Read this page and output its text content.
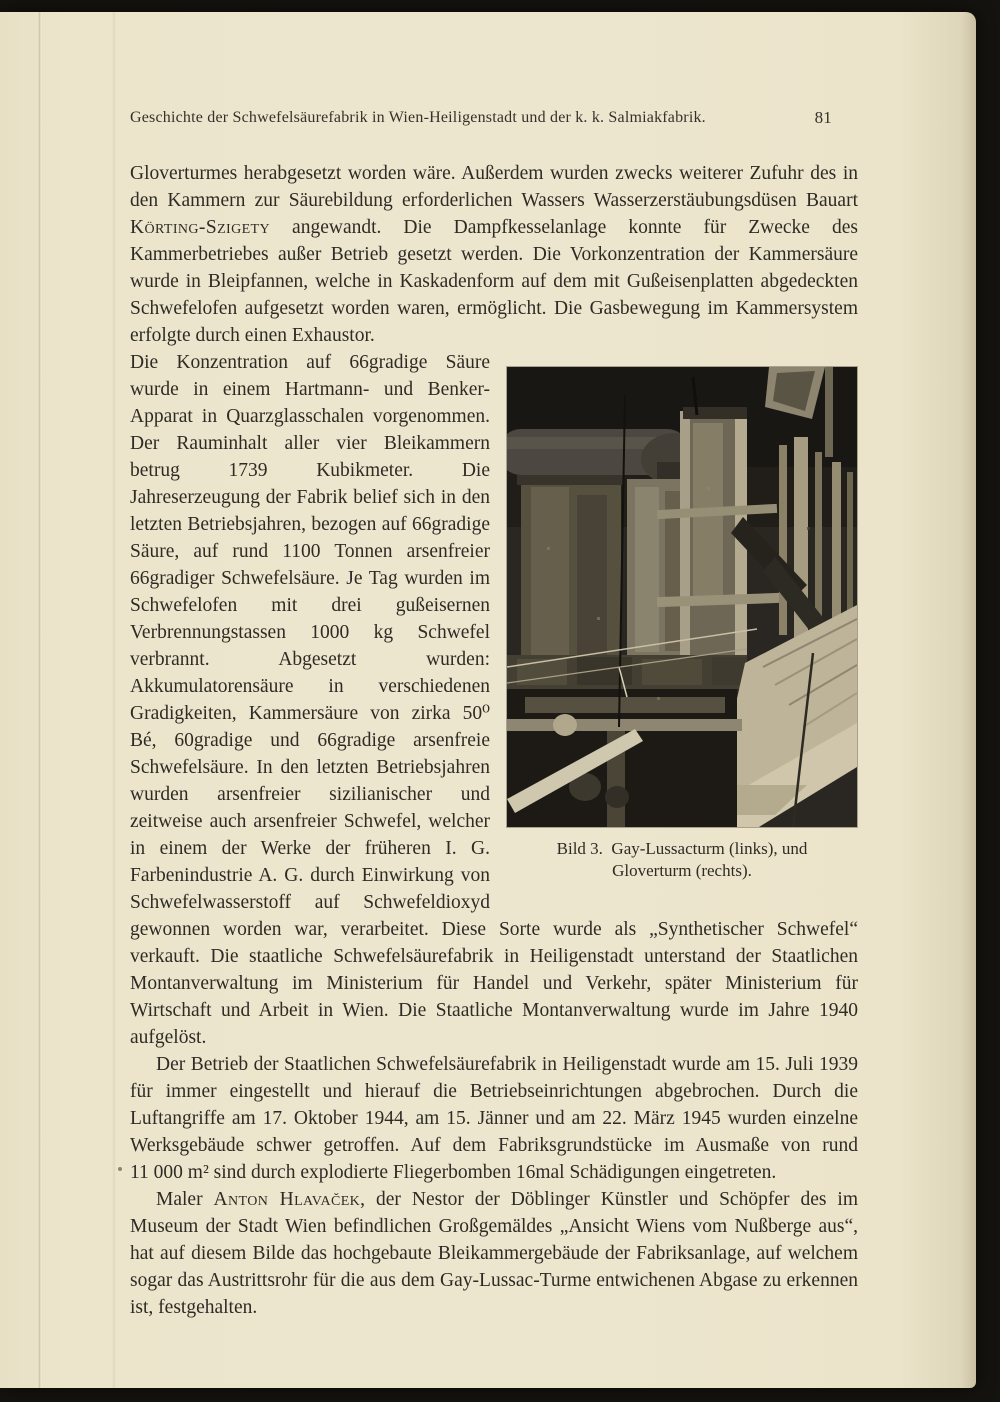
Geschichte der Schwefelsäurefabrik in Wien-Heiligenstadt und der k. k. Salmiakfabrik.	81

Gloverturmes herabgesetzt worden wäre. Außerdem wurden zwecks weiterer Zufuhr des in den Kammern zur Säurebildung erforderlichen Wassers Wasserzerstäubungsdüsen Bauart Körting-Szigety angewandt. Die Dampfkesselanlage konnte für Zwecke des Kammerbetriebes außer Betrieb gesetzt werden. Die Vorkonzentration der Kammersäure wurde in Bleipfannen, welche in Kaskadenform auf dem mit Gußeisenplatten abgedeckten Schwefelofen aufgesetzt worden waren, ermöglicht. Die Gasbewegung im Kammersystem erfolgte durch einen Exhaustor.

Bild 3.  Gay-Lussacturm (links), und
Gloverturm (rechts).
Die Konzentration auf 66gradige Säure wurde in einem Hartmann- und Benker-Apparat in Quarzglasschalen vorgenommen. Der Rauminhalt aller vier Bleikammern betrug 1739 Kubikmeter. Die Jahreserzeugung der Fabrik belief sich in den letzten Betriebsjahren, bezogen auf 66gradige Säure, auf rund 1100 Tonnen arsenfreier 66gradiger Schwefelsäure. Je Tag wurden im Schwefelofen mit drei gußeisernen Verbrennungstassen 1000 kg Schwefel verbrannt. Abgesetzt wurden: Akkumulatorensäure in verschiedenen Gradigkeiten, Kammersäure von zirka 50⁰ Bé, 60gradige und 66gradige arsenfreie Schwefelsäure. In den letzten Betriebsjahren wurden arsenfreier sizilianischer und zeitweise auch arsenfreier Schwefel, welcher in einem der Werke der früheren I. G. Farbenindustrie A. G. durch Einwirkung von Schwefelwasserstoff auf Schwefeldioxyd gewonnen worden war, verarbeitet. Diese Sorte wurde als „Synthetischer Schwefel“ verkauft. Die staatliche Schwefelsäurefabrik in Heiligenstadt unterstand der Staatlichen Montanverwaltung im Ministerium für Handel und Verkehr, später Ministerium für Wirtschaft und Arbeit in Wien. Die Staatliche Montanverwaltung wurde im Jahre 1940 aufgelöst.

Der Betrieb der Staatlichen Schwefelsäurefabrik in Heiligenstadt wurde am 15. Juli 1939 für immer eingestellt und hierauf die Betriebseinrichtungen abgebrochen. Durch die Luftangriffe am 17. Oktober 1944, am 15. Jänner und am 22. März 1945 wurden einzelne Werksgebäude schwer getroffen. Auf dem Fabriksgrundstücke im Ausmaße von rund 11 000 m² sind durch explodierte Fliegerbomben 16mal Schädigungen eingetreten.

Maler Anton Hlavaček, der Nestor der Döblinger Künstler und Schöpfer des im Museum der Stadt Wien befindlichen Großgemäldes „Ansicht Wiens vom Nußberge aus“, hat auf diesem Bilde das hochgebaute Bleikammergebäude der Fabriksanlage, auf welchem sogar das Austrittsrohr für die aus dem Gay-Lussac-Turme entwichenen Abgase zu erkennen ist, festgehalten.
